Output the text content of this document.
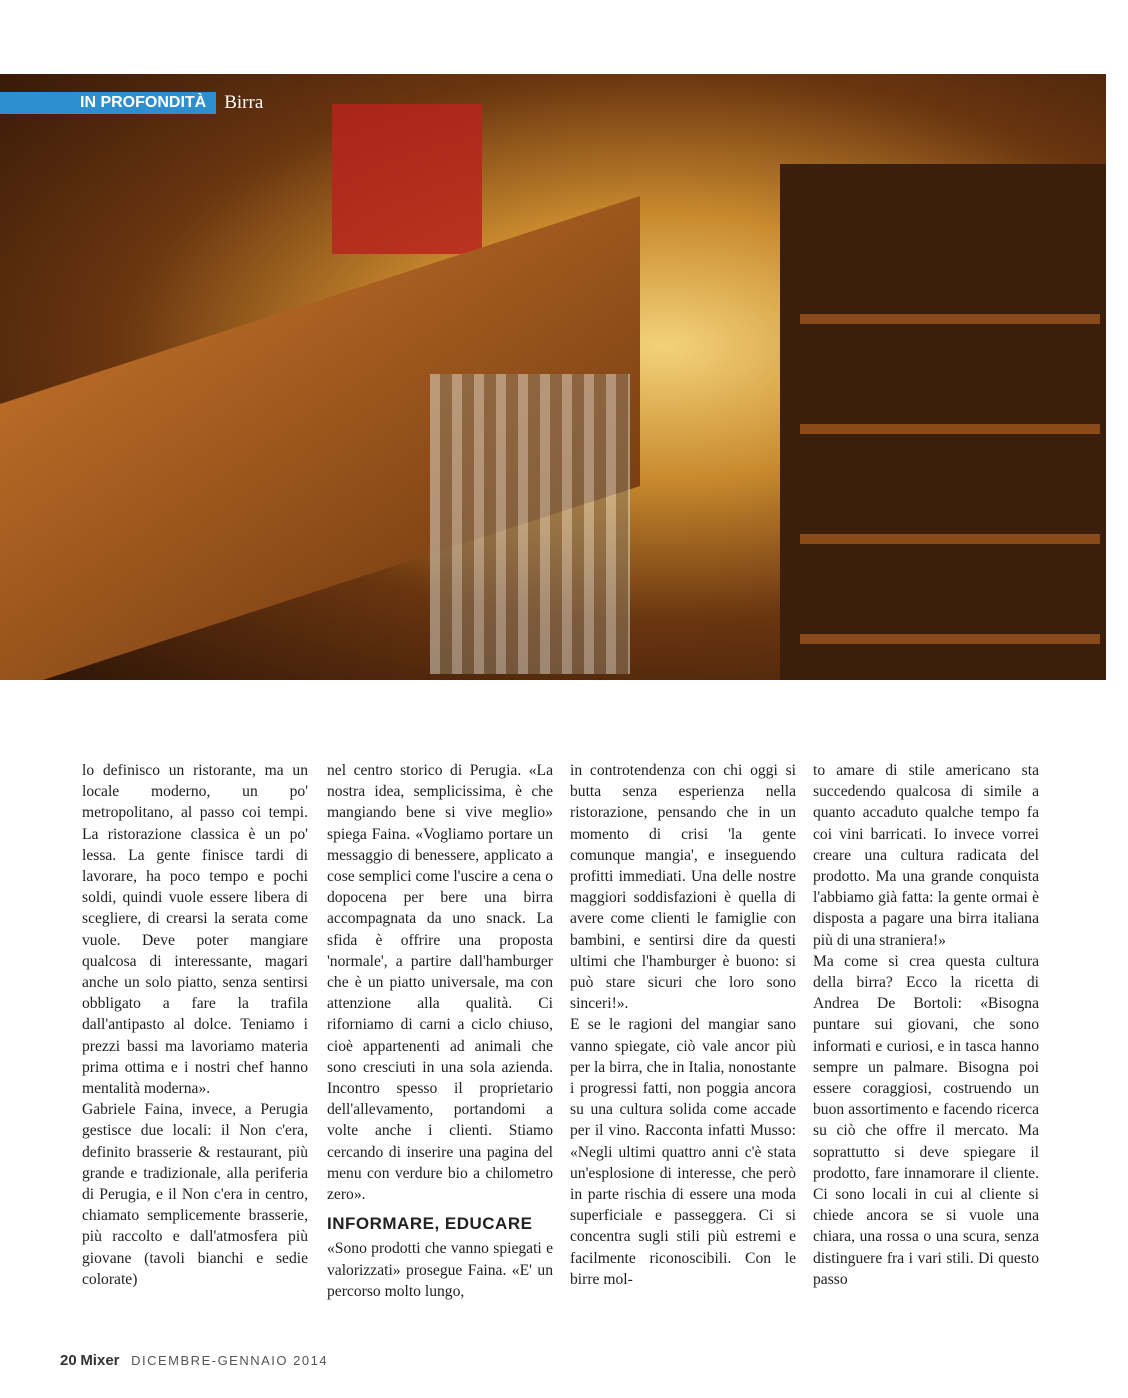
IN PROFONDITÀ Birra

lo definisco un ristorante, ma un locale moderno, un po' metropolitano, al passo coi tempi. La ristorazione classica è un po' lessa. La gente finisce tardi di lavorare, ha poco tempo e pochi soldi, quindi vuole essere libera di scegliere, di crearsi la serata come vuole. Deve poter mangiare qualcosa di interessante, magari anche un solo piatto, senza sentirsi obbligato a fare la trafila dall'antipasto al dolce. Teniamo i prezzi bassi ma lavoriamo materia prima ottima e i nostri chef hanno mentalità moderna».

Gabriele Faina, invece, a Perugia gestisce due locali: il Non c'era, definito brasserie & restaurant, più grande e tradizionale, alla periferia di Perugia, e il Non c'era in centro, chiamato semplicemente brasserie, più raccolto e dall'atmosfera più giovane (tavoli bianchi e sedie colorate)

nel centro storico di Perugia. «La nostra idea, semplicissima, è che mangiando bene si vive meglio» spiega Faina. «Vogliamo portare un messaggio di benessere, applicato a cose semplici come l'uscire a cena o dopocena per bere una birra accompagnata da uno snack. La sfida è offrire una proposta 'normale', a partire dall'hamburger che è un piatto universale, ma con attenzione alla qualità. Ci riforniamo di carni a ciclo chiuso, cioè appartenenti ad animali che sono cresciuti in una sola azienda. Incontro spesso il proprietario dell'allevamento, portandomi a volte anche i clienti. Stiamo cercando di inserire una pagina del menu con verdure bio a chilometro zero».

INFORMARE, EDUCARE

«Sono prodotti che vanno spiegati e valorizzati» prosegue Faina. «E' un percorso molto lungo,

in controtendenza con chi oggi si butta senza esperienza nella ristorazione, pensando che in un momento di crisi 'la gente comunque mangia', e inseguendo profitti immediati. Una delle nostre maggiori soddisfazioni è quella di avere come clienti le famiglie con bambini, e sentirsi dire da questi ultimi che l'hamburger è buono: si può stare sicuri che loro sono sinceri!».

E se le ragioni del mangiar sano vanno spiegate, ciò vale ancor più per la birra, che in Italia, nonostante i progressi fatti, non poggia ancora su una cultura solida come accade per il vino. Racconta infatti Musso: «Negli ultimi quattro anni c'è stata un'esplosione di interesse, che però in parte rischia di essere una moda superficiale e passeggera. Ci si concentra sugli stili più estremi e facilmente riconoscibili. Con le birre mol-

to amare di stile americano sta succedendo qualcosa di simile a quanto accaduto qualche tempo fa coi vini barricati. Io invece vorrei creare una cultura radicata del prodotto. Ma una grande conquista l'abbiamo già fatta: la gente ormai è disposta a pagare una birra italiana più di una straniera!»

Ma come si crea questa cultura della birra? Ecco la ricetta di Andrea De Bortoli: «Bisogna puntare sui giovani, che sono informati e curiosi, e in tasca hanno sempre un palmare. Bisogna poi essere coraggiosi, costruendo un buon assortimento e facendo ricerca su ciò che offre il mercato. Ma soprattutto si deve spiegare il prodotto, fare innamorare il cliente. Ci sono locali in cui al cliente si chiede ancora se si vuole una chiara, una rossa o una scura, senza distinguere fra i vari stili. Di questo passo

20 Mixer DICEMBRE-GENNAIO 2014
